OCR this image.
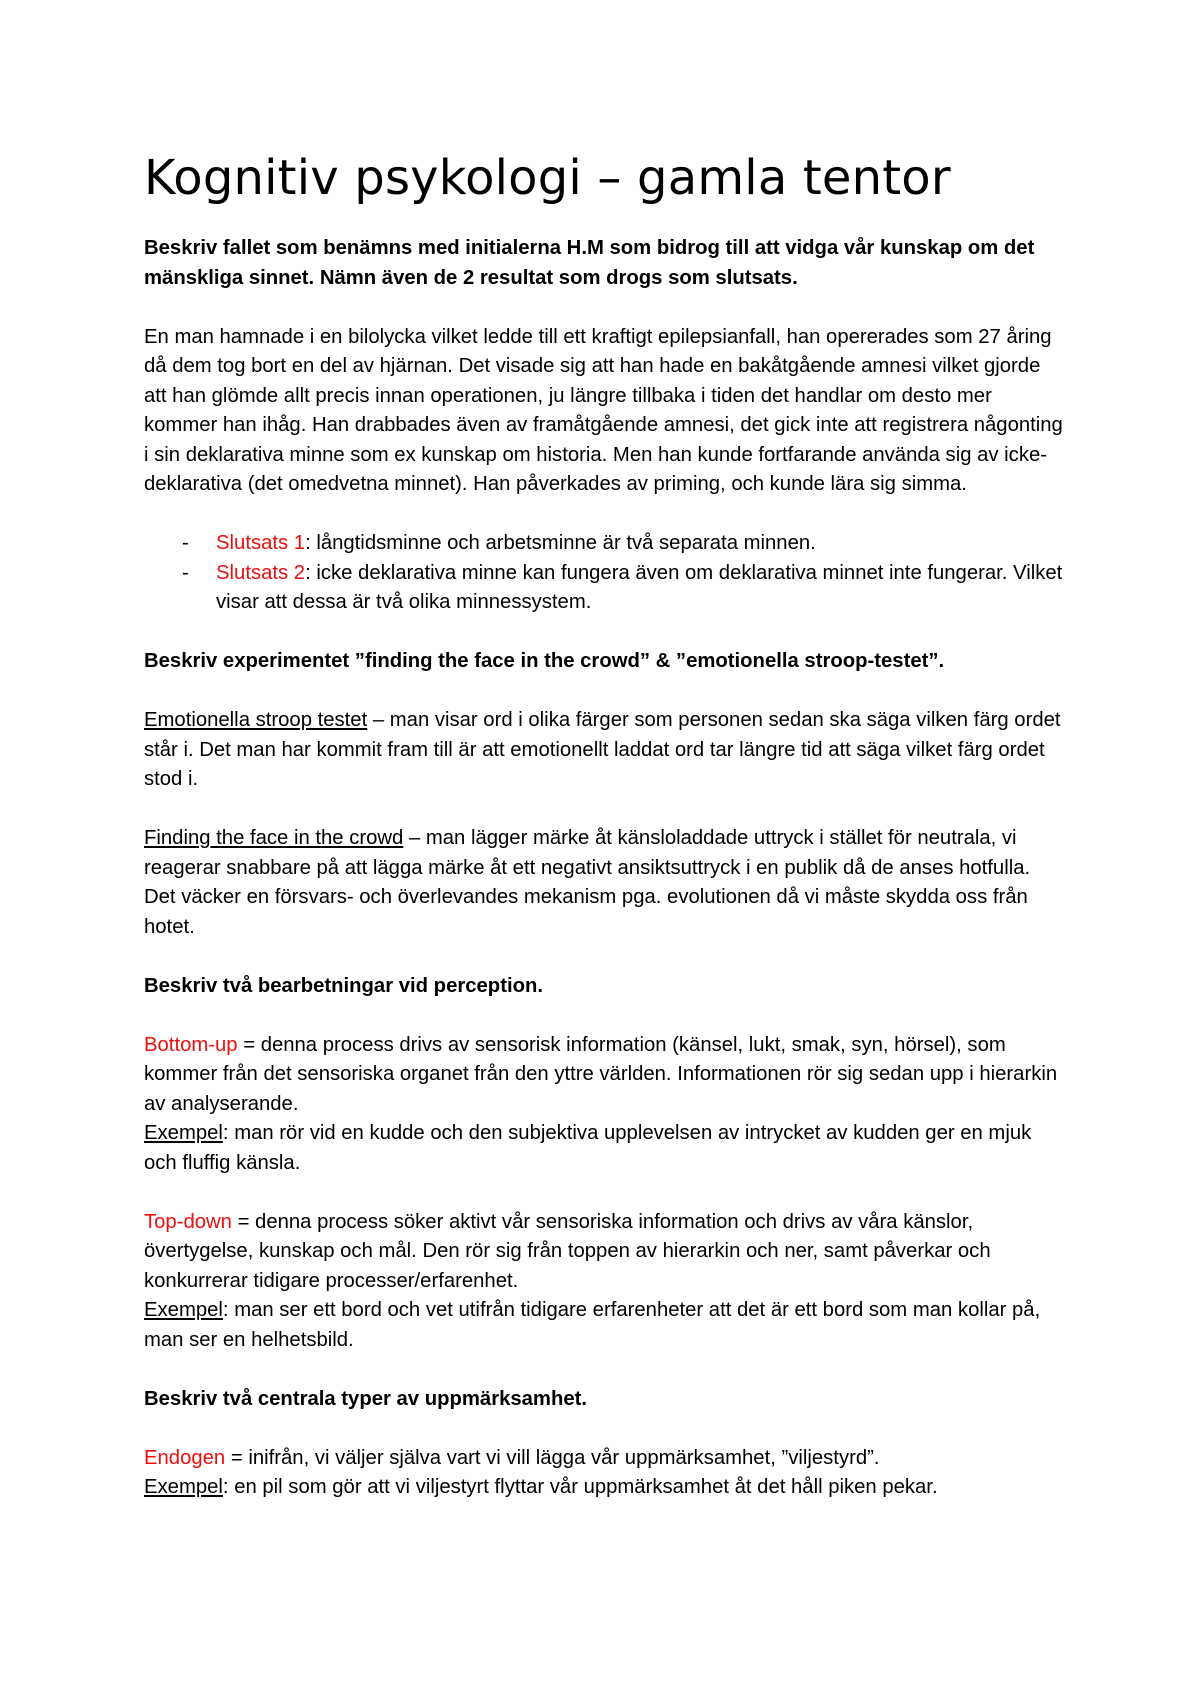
Kognitiv psykologi – gamla tentor

Beskriv fallet som benämns med initialerna H.M som bidrog till att vidga vår kunskap om det mänskliga sinnet. Nämn även de 2 resultat som drogs som slutsats.

En man hamnade i en bilolycka vilket ledde till ett kraftigt epilepsianfall, han opererades som 27 åring då dem tog bort en del av hjärnan. Det visade sig att han hade en bakåtgående amnesi vilket gjorde att han glömde allt precis innan operationen, ju längre tillbaka i tiden det handlar om desto mer kommer han ihåg. Han drabbades även av framåtgående amnesi, det gick inte att registrera någonting i sin deklarativa minne som ex kunskap om historia. Men han kunde fortfarande använda sig av icke-deklarativa (det omedvetna minnet). Han påverkades av priming, och kunde lära sig simma.

- Slutsats 1: långtidsminne och arbetsminne är två separata minnen.
- Slutsats 2: icke deklarativa minne kan fungera även om deklarativa minnet inte fungerar. Vilket visar att dessa är två olika minnessystem.

Beskriv experimentet ”finding the face in the crowd” & ”emotionella stroop-testet”.

Emotionella stroop testet – man visar ord i olika färger som personen sedan ska säga vilken färg ordet står i. Det man har kommit fram till är att emotionellt laddat ord tar längre tid att säga vilket färg ordet stod i.

Finding the face in the crowd – man lägger märke åt känsloladdade uttryck i stället för neutrala, vi reagerar snabbare på att lägga märke åt ett negativt ansiktsuttryck i en publik då de anses hotfulla. Det väcker en försvars- och överlevandes mekanism pga. evolutionen då vi måste skydda oss från hotet.

Beskriv två bearbetningar vid perception.

Bottom-up = denna process drivs av sensorisk information (känsel, lukt, smak, syn, hörsel), som kommer från det sensoriska organet från den yttre världen. Informationen rör sig sedan upp i hierarkin av analyserande.

Exempel: man rör vid en kudde och den subjektiva upplevelsen av intrycket av kudden ger en mjuk och fluffig känsla.

Top-down = denna process söker aktivt vår sensoriska information och drivs av våra känslor, övertygelse, kunskap och mål. Den rör sig från toppen av hierarkin och ner, samt påverkar och konkurrerar tidigare processer/erfarenhet.

Exempel: man ser ett bord och vet utifrån tidigare erfarenheter att det är ett bord som man kollar på, man ser en helhetsbild.

Beskriv två centrala typer av uppmärksamhet.

Endogen = inifrån, vi väljer själva vart vi vill lägga vår uppmärksamhet, ”viljestyrd”.

Exempel: en pil som gör att vi viljestyrt flyttar vår uppmärksamhet åt det håll piken pekar.
